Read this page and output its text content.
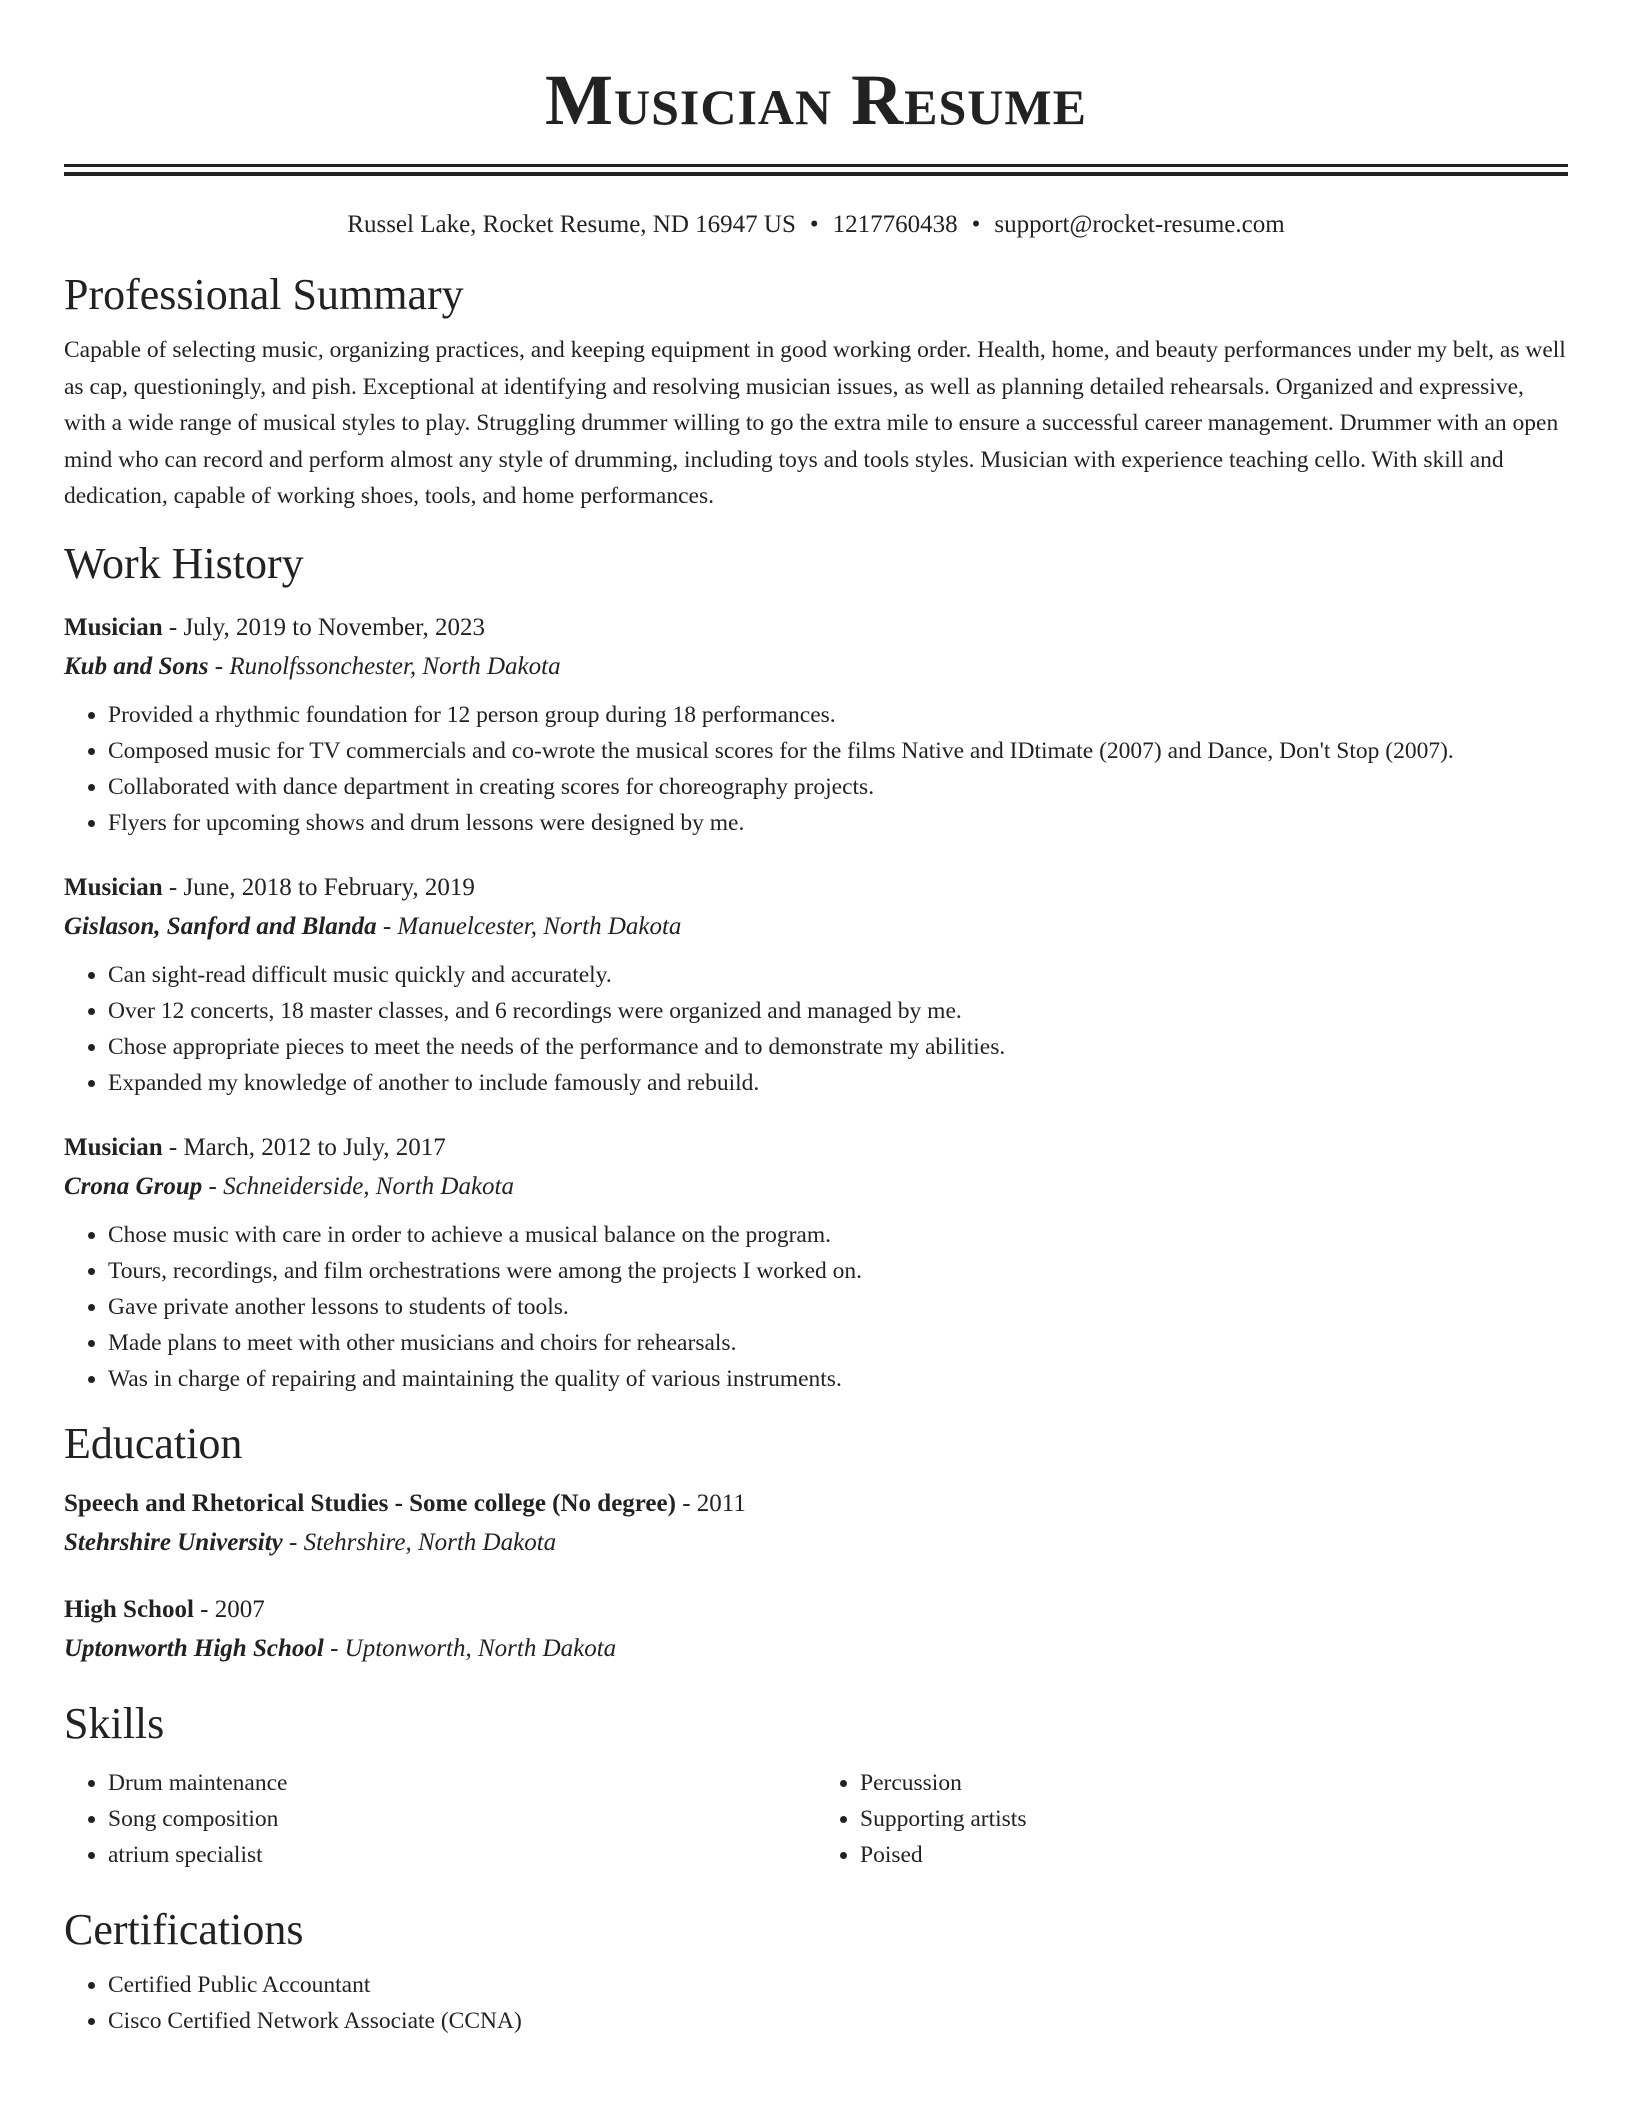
Musician Resume
Russel Lake, Rocket Resume, ND 16947 US • 1217760438 • support@rocket-resume.com
Professional Summary
Capable of selecting music, organizing practices, and keeping equipment in good working order. Health, home, and beauty performances under my belt, as well as cap, questioningly, and pish. Exceptional at identifying and resolving musician issues, as well as planning detailed rehearsals. Organized and expressive, with a wide range of musical styles to play. Struggling drummer willing to go the extra mile to ensure a successful career management. Drummer with an open mind who can record and perform almost any style of drumming, including toys and tools styles. Musician with experience teaching cello. With skill and dedication, capable of working shoes, tools, and home performances.
Work History
Musician - July, 2019 to November, 2023
Kub and Sons - Runolfssonchester, North Dakota
• Provided a rhythmic foundation for 12 person group during 18 performances.
• Composed music for TV commercials and co-wrote the musical scores for the films Native and IDtimate (2007) and Dance, Don't Stop (2007).
• Collaborated with dance department in creating scores for choreography projects.
• Flyers for upcoming shows and drum lessons were designed by me.
Musician - June, 2018 to February, 2019
Gislason, Sanford and Blanda - Manuelcester, North Dakota
• Can sight-read difficult music quickly and accurately.
• Over 12 concerts, 18 master classes, and 6 recordings were organized and managed by me.
• Chose appropriate pieces to meet the needs of the performance and to demonstrate my abilities.
• Expanded my knowledge of another to include famously and rebuild.
Musician - March, 2012 to July, 2017
Crona Group - Schneiderside, North Dakota
• Chose music with care in order to achieve a musical balance on the program.
• Tours, recordings, and film orchestrations were among the projects I worked on.
• Gave private another lessons to students of tools.
• Made plans to meet with other musicians and choirs for rehearsals.
• Was in charge of repairing and maintaining the quality of various instruments.
Education
Speech and Rhetorical Studies - Some college (No degree) - 2011
Stehrshire University - Stehrshire, North Dakota
High School - 2007
Uptonworth High School - Uptonworth, North Dakota
Skills
• Drum maintenance
• Song composition
• atrium specialist
• Percussion
• Supporting artists
• Poised
Certifications
• Certified Public Accountant
• Cisco Certified Network Associate (CCNA)
